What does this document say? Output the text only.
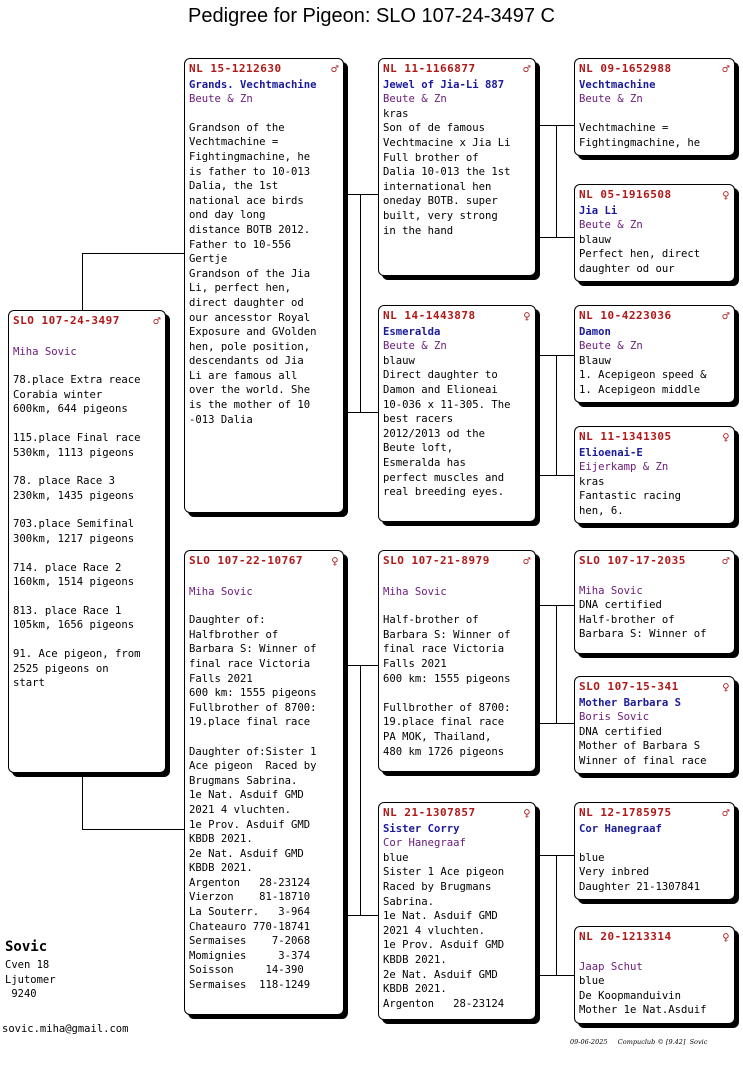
Pedigree for Pigeon: SLO 107-24-3497 C
SLO 107-24-3497	♂
Miha Sovic
78.place Extra reace
Corabia winter
600km, 644 pigeons
115.place Final race
530km, 1113 pigeons
78. place Race 3
230km, 1435 pigeons
703.place Semifinal
300km, 1217 pigeons
714. place Race 2
160km, 1514 pigeons
813. place Race 1
105km, 1656 pigeons
91. Ace pigeon, from
2525 pigeons on
start
NL 15-1212630	♂
Grands. Vechtmachine
Beute & Zn
Grandson of the
Vechtmachine =
Fightingmachine, he
is father to 10-013
Dalia, the 1st
national ace birds
ond day long
distance BOTB 2012.
Father to 10-556
Gertje
Grandson of the Jia
Li, perfect hen,
direct daughter od
our ancesstor Royal
Exposure and GVolden
hen, pole position,
descendants od Jia
Li are famous all
over the world. She
is the mother of 10
-013 Dalia
SLO 107-22-10767 ♀
Miha Sovic
Daughter of:
Halfbrother of
Barbara S: Winner of
final race Victoria
Falls 2021
600 km: 1555 pigeons
Fullbrother of 8700:
19.place final race

Daughter of:Sister 1
Ace pigeon  Raced by
Brugmans Sabrina.
1e Nat. Asduif GMD
2021 4 vluchten.
1e Prov. Asduif GMD
KBDB 2021.
2e Nat. Asduif GMD
KBDB 2021.
Argenton   28-23124
Vierzon    81-18710
La Souterr.   3-964
Chateauro 770-18741
Sermaises    7-2068
Momignies     3-374
Soisson     14-390
Sermaises  118-1249
NL 11-1166877	♂
Jewel of Jia-Li 887
Beute & Zn
kras
Son of de famous
Vechtmacine x Jia Li
Full brother of
Dalia 10-013 the 1st
international hen
oneday BOTB. super
built, very strong
in the hand
NL 14-1443878	♀
Esmeralda
Beute & Zn
blauw
Direct daughter to
Damon and Elioneai
10-036 x 11-305. The
best racers
2012/2013 od the
Beute loft,
Esmeralda has
perfect muscles and
real breeding eyes.
SLO 107-21-8979	♂
Miha Sovic
Half-brother of
Barbara S: Winner of
final race Victoria
Falls 2021
600 km: 1555 pigeons

Fullbrother of 8700:
19.place final race
PA MOK, Thailand,
480 km 1726 pigeons
NL 21-1307857	♀
Sister Corry
Cor Hanegraaf
blue
Sister 1 Ace pigeon
Raced by Brugmans
Sabrina.
1e Nat. Asduif GMD
2021 4 vluchten.
1e Prov. Asduif GMD
KBDB 2021.
2e Nat. Asduif GMD
KBDB 2021.
Argenton   28-23124
NL 09-1652988	♂
Vechtmachine
Beute & Zn

Vechtmachine =
Fightingmachine, he
NL 05-1916508	♀
Jia Li
Beute & Zn
blauw
Perfect hen, direct
daughter od our
NL 10-4223036	♂
Damon
Beute & Zn
Blauw
1. Acepigeon speed &
1. Acepigeon middle
NL 11-1341305	♀
Elioenai-E
Eijerkamp & Zn
kras
Fantastic racing
hen, 6.
SLO 107-17-2035	♂
Miha Sovic
DNA certified
Half-brother of
Barbara S: Winner of
SLO 107-15-341	♀
Mother Barbara S
Boris Sovic
DNA certified
Mother of Barbara S
Winner of final race
NL 12-1785975	♂
Cor Hanegraaf

blue
Very inbred
Daughter 21-1307841
NL 20-1213314	♀
Jaap Schut
blue
De Koopmanduivin
Mother 1e Nat.Asduif
Sovic
Cven 18
Ljutomer
9240
sovic.miha@gmail.com
09-06-2025     Compuclub © [9.42]  Sovic
